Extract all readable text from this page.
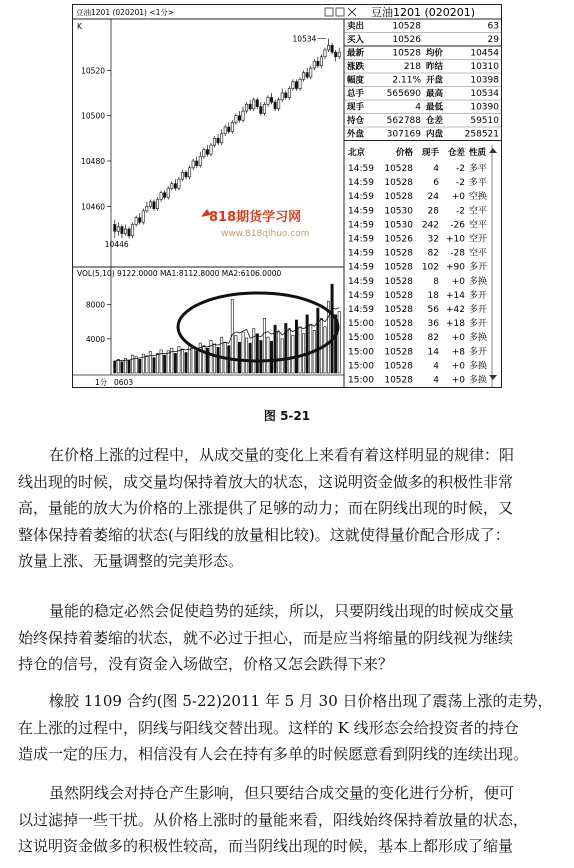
豆油1201 (020201) <1分>
K
10520
10500
10480
10460
10534
10446
818期货学习网
www.818qihuo.com
VOL(5,10) 9122.0000 MA1:8112.8000 MA2:6106.0000
8000
4000
1分 0603
豆油1201 (020201)
卖出	10528	63
买入	10526	29
最新	10528 均价	10454
涨跌	218 昨结	10310
幅度	2.11% 开盘	10398
总手	565690 最高	10534
现手	4 最低	10390
持仓	562788 仓差	59510
外盘	307169 内盘 258521
北京	价格 现手 仓差 性质
14:59 10528 4 -2 多平
14:59 10528 6 -2 多平
14:59 10528 24 +0 空换
14:59 10530 28 -2 空平
14:59 10530 242 -26 空平
14:59 10526 32 +10 空开
14:59 10528 82 -28 空平
14:59 10528 102 +90 多开
14:59 10528 8 +0 多换
14:59 10528 18 +14 多开
14:59 10528 56 +42 多开
15:00 10528 36 +18 多开
15:00 10528 82 +0 多换
15:00 10528 14 +8 多开
15:00 10528 4 +0 多换
15:00 10528 4 +0 多换
图 5-21
在价格上涨的过程中，从成交量的变化上来看有着这样明显的规律：阳
线出现的时候，成交量均保持着放大的状态，这说明资金做多的积极性非常
高，量能的放大为价格的上涨提供了足够的动力；而在阴线出现的时候，又
整体保持着萎缩的状态(与阳线的放量相比较)。这就使得量价配合形成了：
放量上涨、无量调整的完美形态。
量能的稳定必然会促使趋势的延续，所以，只要阴线出现的时候成交量
始终保持着萎缩的状态，就不必过于担心，而是应当将缩量的阴线视为继续
持仓的信号，没有资金入场做空，价格又怎会跌得下来？
橡胶 1109 合约(图 5-22)2011 年 5 月 30 日价格出现了震荡上涨的走势，
在上涨的过程中，阴线与阳线交替出现。这样的 K 线形态会给投资者的持仓
造成一定的压力，相信没有人会在持有多单的时候愿意看到阴线的连续出现。
虽然阴线会对持仓产生影响，但只要结合成交量的变化进行分析，便可
以过滤掉一些干扰。从价格上涨时的量能来看，阳线始终保持着放量的状态，
这说明资金做多的积极性较高，而当阴线出现的时候，基本上都形成了缩量
